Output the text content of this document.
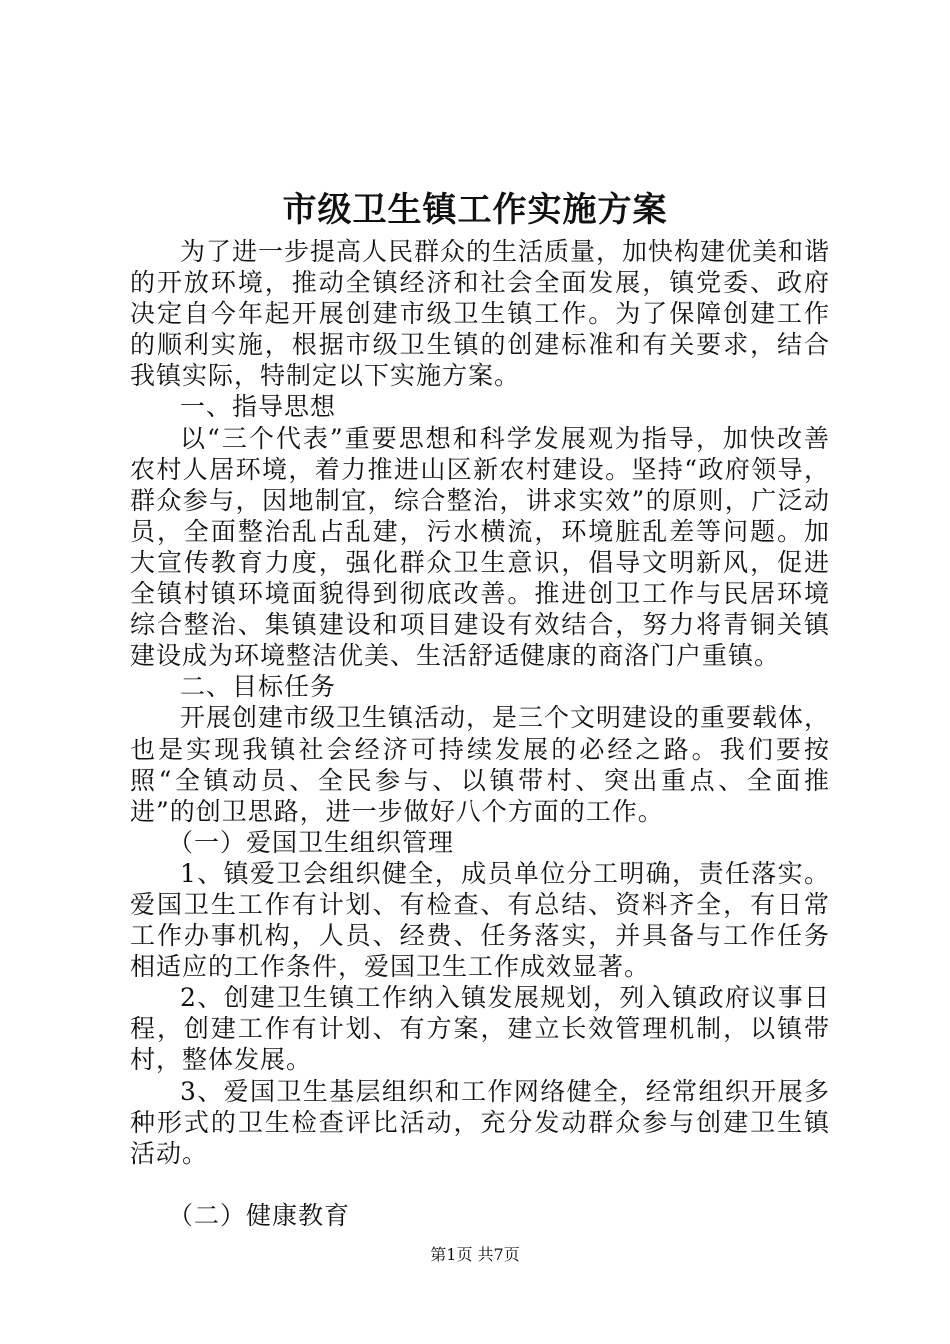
市级卫生镇工作实施方案

为了进一步提高人民群众的生活质量，加快构建优美和谐的开放环境，推动全镇经济和社会全面发展，镇党委、政府决定自今年起开展创建市级卫生镇工作。为了保障创建工作的顺利实施，根据市级卫生镇的创建标准和有关要求，结合我镇实际，特制定以下实施方案。

一、指导思想

以“三个代表”重要思想和科学发展观为指导，加快改善农村人居环境，着力推进山区新农村建设。坚持“政府领导，群众参与，因地制宜，综合整治，讲求实效”的原则，广泛动员，全面整治乱占乱建，污水横流，环境脏乱差等问题。加大宣传教育力度，强化群众卫生意识，倡导文明新风，促进全镇村镇环境面貌得到彻底改善。推进创卫工作与民居环境综合整治、集镇建设和项目建设有效结合，努力将青铜关镇建设成为环境整洁优美、生活舒适健康的商洛门户重镇。

二、目标任务

开展创建市级卫生镇活动，是三个文明建设的重要载体，也是实现我镇社会经济可持续发展的必经之路。我们要按照“全镇动员、全民参与、以镇带村、突出重点、全面推进”的创卫思路，进一步做好八个方面的工作。

（一）爱国卫生组织管理

1、镇爱卫会组织健全，成员单位分工明确，责任落实。爱国卫生工作有计划、有检查、有总结、资料齐全，有日常工作办事机构，人员、经费、任务落实，并具备与工作任务相适应的工作条件，爱国卫生工作成效显著。

2、创建卫生镇工作纳入镇发展规划，列入镇政府议事日程，创建工作有计划、有方案，建立长效管理机制，以镇带村，整体发展。

3、爱国卫生基层组织和工作网络健全，经常组织开展多种形式的卫生检查评比活动，充分发动群众参与创建卫生镇活动。

（二）健康教育

第1页 共7页
